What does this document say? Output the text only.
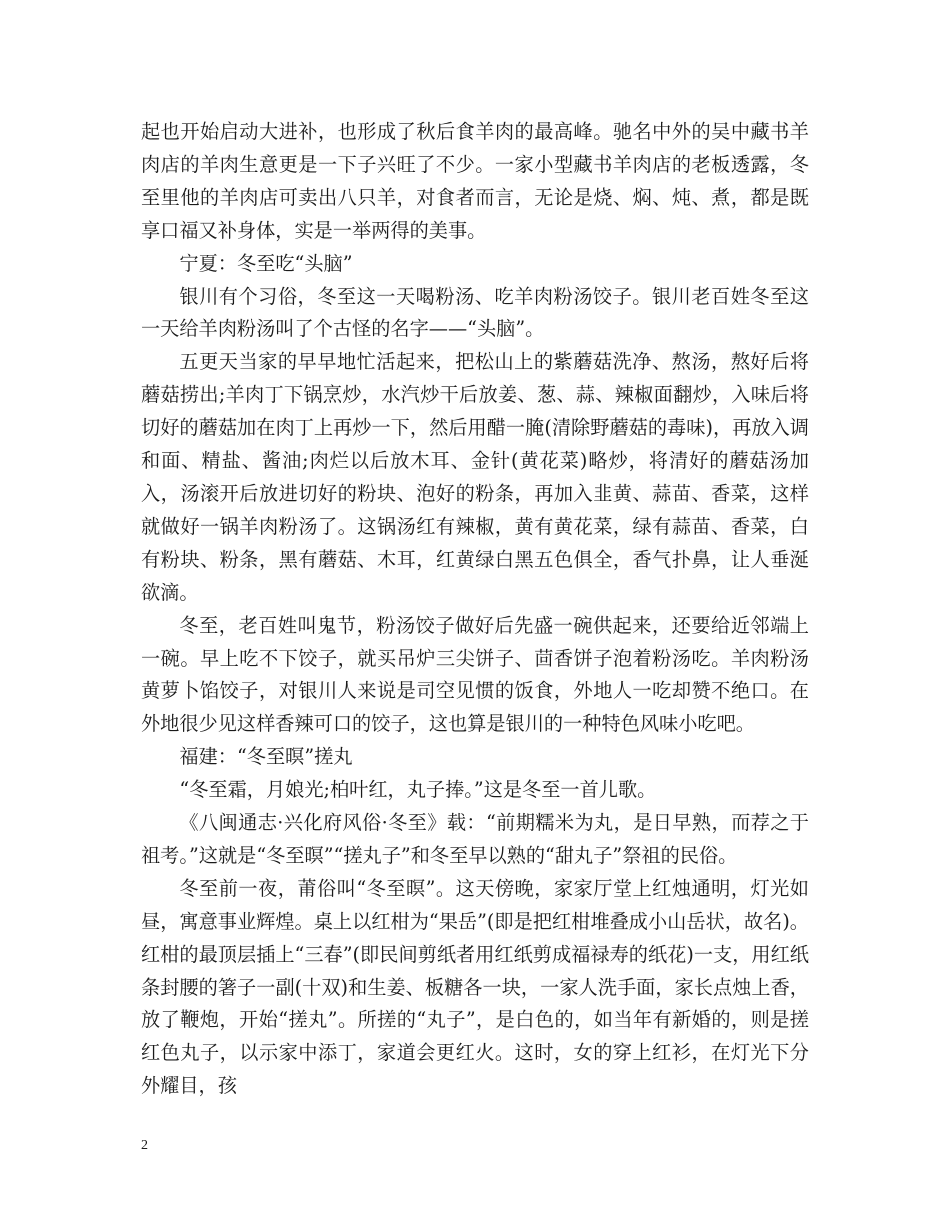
起也开始启动大进补，也形成了秋后食羊肉的最高峰。驰名中外的吴中藏书羊肉店的羊肉生意更是一下子兴旺了不少。一家小型藏书羊肉店的老板透露，冬至里他的羊肉店可卖出八只羊，对食者而言，无论是烧、焖、炖、煮，都是既享口福又补身体，实是一举两得的美事。

宁夏：冬至吃“头脑”

银川有个习俗，冬至这一天喝粉汤、吃羊肉粉汤饺子。银川老百姓冬至这一天给羊肉粉汤叫了个古怪的名字——“头脑”。

五更天当家的早早地忙活起来，把松山上的紫蘑菇洗净、熬汤，熬好后将蘑菇捞出;羊肉丁下锅烹炒，水汽炒干后放姜、葱、蒜、辣椒面翻炒，入味后将切好的蘑菇加在肉丁上再炒一下，然后用醋一腌(清除野蘑菇的毒味)，再放入调和面、精盐、酱油;肉烂以后放木耳、金针(黄花菜)略炒，将清好的蘑菇汤加入，汤滚开后放进切好的粉块、泡好的粉条，再加入韭黄、蒜苗、香菜，这样就做好一锅羊肉粉汤了。这锅汤红有辣椒，黄有黄花菜，绿有蒜苗、香菜，白有粉块、粉条，黑有蘑菇、木耳，红黄绿白黑五色俱全，香气扑鼻，让人垂涎欲滴。

冬至，老百姓叫鬼节，粉汤饺子做好后先盛一碗供起来，还要给近邻端上一碗。早上吃不下饺子，就买吊炉三尖饼子、茴香饼子泡着粉汤吃。羊肉粉汤黄萝卜馅饺子，对银川人来说是司空见惯的饭食，外地人一吃却赞不绝口。在外地很少见这样香辣可口的饺子，这也算是银川的一种特色风味小吃吧。

福建：“冬至暝”搓丸

“冬至霜，月娘光;柏叶红，丸子捧。”这是冬至一首儿歌。

《八闽通志·兴化府风俗·冬至》载：“前期糯米为丸，是日早熟，而荐之于祖考。”这就是“冬至暝”“搓丸子”和冬至早以熟的“甜丸子”祭祖的民俗。

冬至前一夜，莆俗叫“冬至暝”。这天傍晚，家家厅堂上红烛通明，灯光如昼，寓意事业辉煌。桌上以红柑为“果岳”(即是把红柑堆叠成小山岳状，故名)。红柑的最顶层插上“三春”(即民间剪纸者用红纸剪成福禄寿的纸花)一支，用红纸条封腰的箸子一副(十双)和生姜、板糖各一块，一家人洗手面，家长点烛上香，放了鞭炮，开始“搓丸”。所搓的“丸子”，是白色的，如当年有新婚的，则是搓红色丸子，以示家中添丁，家道会更红火。这时，女的穿上红衫，在灯光下分外耀目，孩

2
